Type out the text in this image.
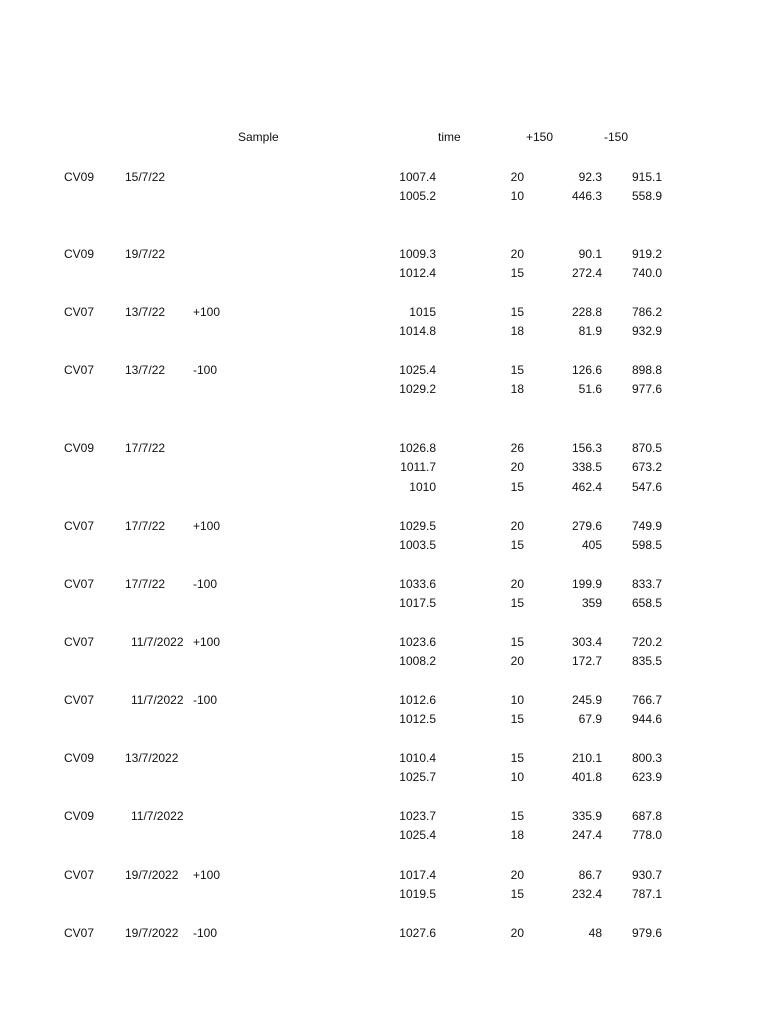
Sample	time	+150	-150
CV09	15/7/22	1007.4	20	92.3	915.1
1005.2	10	446.3	558.9
CV09	19/7/22	1009.3	20	90.1	919.2
1012.4	15	272.4	740.0
CV07	13/7/22 +100	1015	15	228.8	786.2
1014.8	18	81.9	932.9
CV07	13/7/22 -100	1025.4	15	126.6	898.8
1029.2	18	51.6	977.6
CV09	17/7/22	1026.8	26	156.3	870.5
1011.7	20	338.5	673.2
1010	15	462.4	547.6
CV07	17/7/22 +100	1029.5	20	279.6	749.9
1003.5	15	405	598.5
CV07	17/7/22 -100	1033.6	20	199.9	833.7
1017.5	15	359	658.5
CV07	11/7/2022 +100	1023.6	15	303.4	720.2
1008.2	20	172.7	835.5
CV07	11/7/2022 -100	1012.6	10	245.9	766.7
1012.5	15	67.9	944.6
CV09	13/7/2022	1010.4	15	210.1	800.3
1025.7	10	401.8	623.9
CV09	11/7/2022	1023.7	15	335.9	687.8
1025.4	18	247.4	778.0
CV07	19/7/2022 +100	1017.4	20	86.7	930.7
1019.5	15	232.4	787.1
CV07	19/7/2022 -100	1027.6	20	48	979.6
